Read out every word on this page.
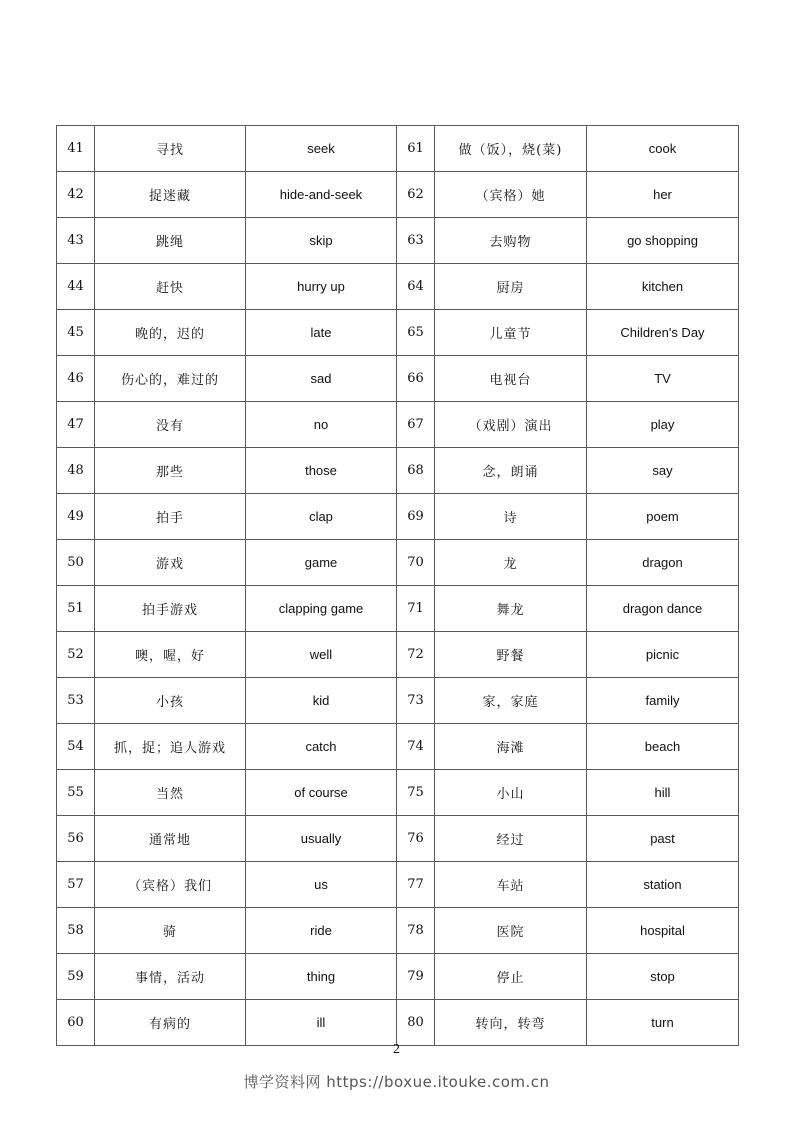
41	寻找	seek	61	做（饭），烧(菜)	cook
42	捉迷藏	hide-and-seek	62	（宾格）她	her
43	跳绳	skip	63	去购物	go shopping
44	赶快	hurry up	64	厨房	kitchen
45	晚的，迟的	late	65	儿童节	Children's Day
46	伤心的，难过的	sad	66	电视台	TV
47	没有	no	67	（戏剧）演出	play
48	那些	those	68	念，朗诵	say
49	拍手	clap	69	诗	poem
50	游戏	game	70	龙	dragon
51	拍手游戏	clapping game	71	舞龙	dragon dance
52	噢，喔，好	well	72	野餐	picnic
53	小孩	kid	73	家，家庭	family
54	抓，捉；追人游戏	catch	74	海滩	beach
55	当然	of course	75	小山	hill
56	通常地	usually	76	经过	past
57	（宾格）我们	us	77	车站	station
58	骑	ride	78	医院	hospital
59	事情，活动	thing	79	停止	stop
60	有病的	ill	80	转向，转弯	turn
2
博学资料网 https://boxue.itouke.com.cn
